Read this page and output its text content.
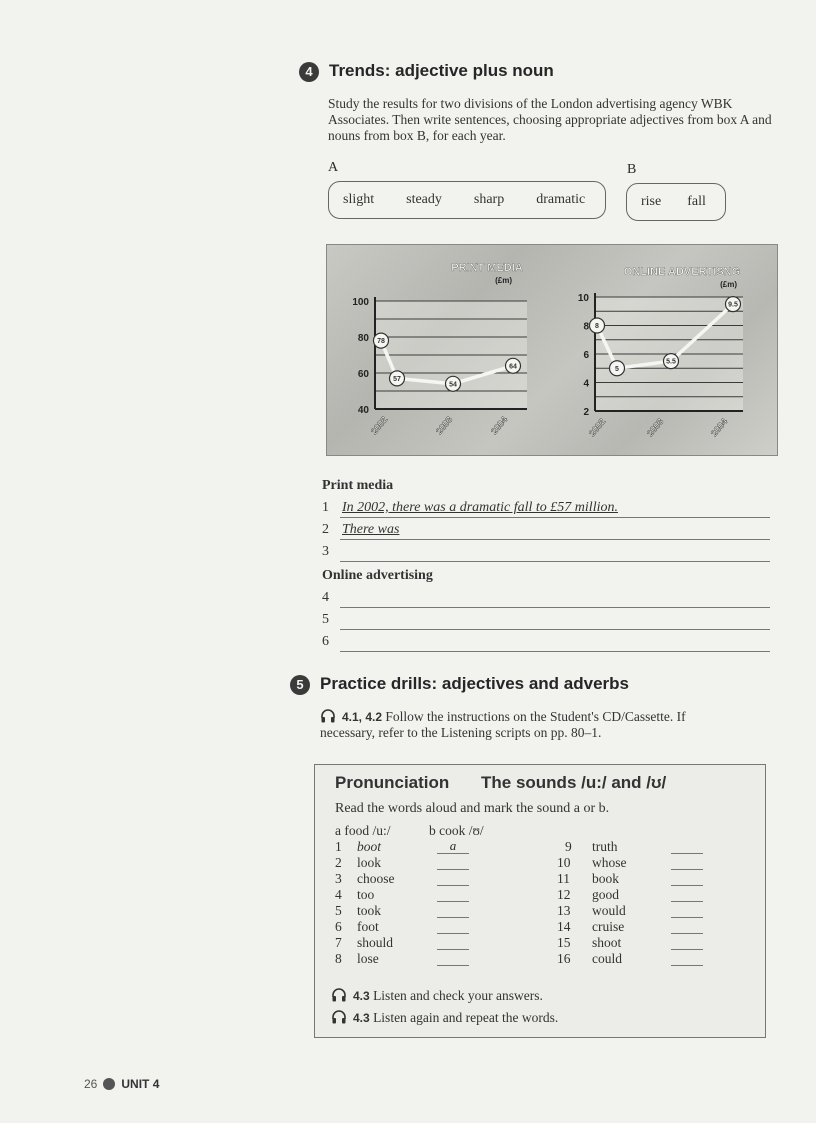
4 Trends: adjective plus noun
Study the results for two divisions of the London advertising agency WBK Associates. Then write sentences, choosing appropriate adjectives from box A and nouns from box B, for each year.
A	B
slight steady sharp dramatic	rise fall
100
80
60
40
PRINT MEDIA
(£m)
2002	2003	2004
78
57
54
64
10
8
6
4
2
ONLINE ADVERTISNG
(£m)
2002	2003	2004
8
5
5.5
9.5
Print media
1 In 2002, there was a dramatic fall to £57 million.
2 There was
3
Online advertising
4
5
6
5 Practice drills: adjectives and adverbs
4.1, 4.2 Follow the instructions on the Student's CD/Cassette. If
necessary, refer to the Listening scripts on pp. 80–1.
Pronunciation The sounds /u:/ and /ʊ/
Read the words aloud and mark the sound a or b.
a food /u:/	b cook /ʊ/
1 boot	a
2 look
3 choose
4 too
5 took
6 foot
7 should
8 lose
9 truth
10 whose
11 book
12 good
13 would
14 cruise
15 shoot
16 could
4.3 Listen and check your answers.
4.3 Listen again and repeat the words.
26 UNIT 4
